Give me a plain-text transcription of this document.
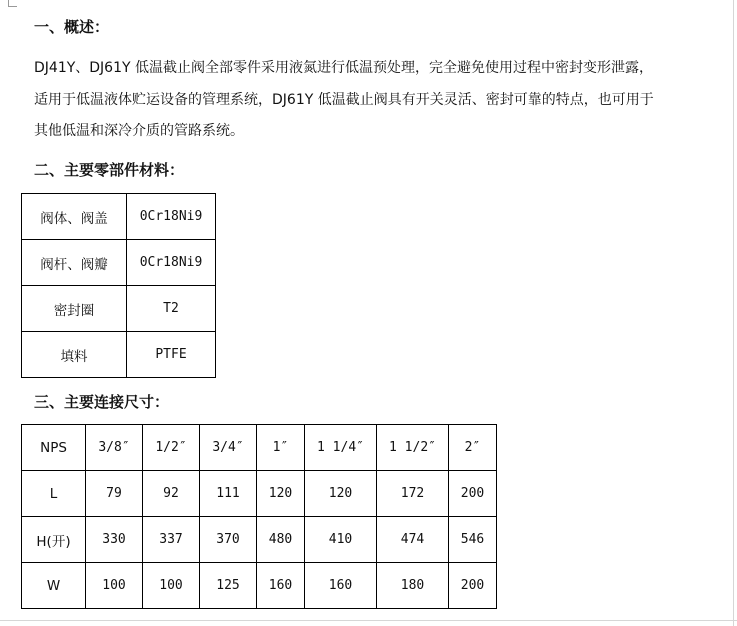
一、概述：
DJ41Y、DJ61Y 低温截止阀全部零件采用液氮进行低温预处理，完全避免使用过程中密封变形泄露，
适用于低温液体贮运设备的管理系统，DJ61Y 低温截止阀具有开关灵活、密封可靠的特点，也可用于
其他低温和深冷介质的管路系统。
二、主要零部件材料：
阀体、阀盖	0Cr18Ni9
阀杆、阀瓣	0Cr18Ni9
密封圈	T2
填料	PTFE
三、主要连接尺寸：
NPS	3/8″	1/2″	3/4″	1″	1 1/4″	1 1/2″	2″
L	79	92	111	120	120	172	200
H(开)	330	337	370	480	410	474	546
W	100	100	125	160	160	180	200
